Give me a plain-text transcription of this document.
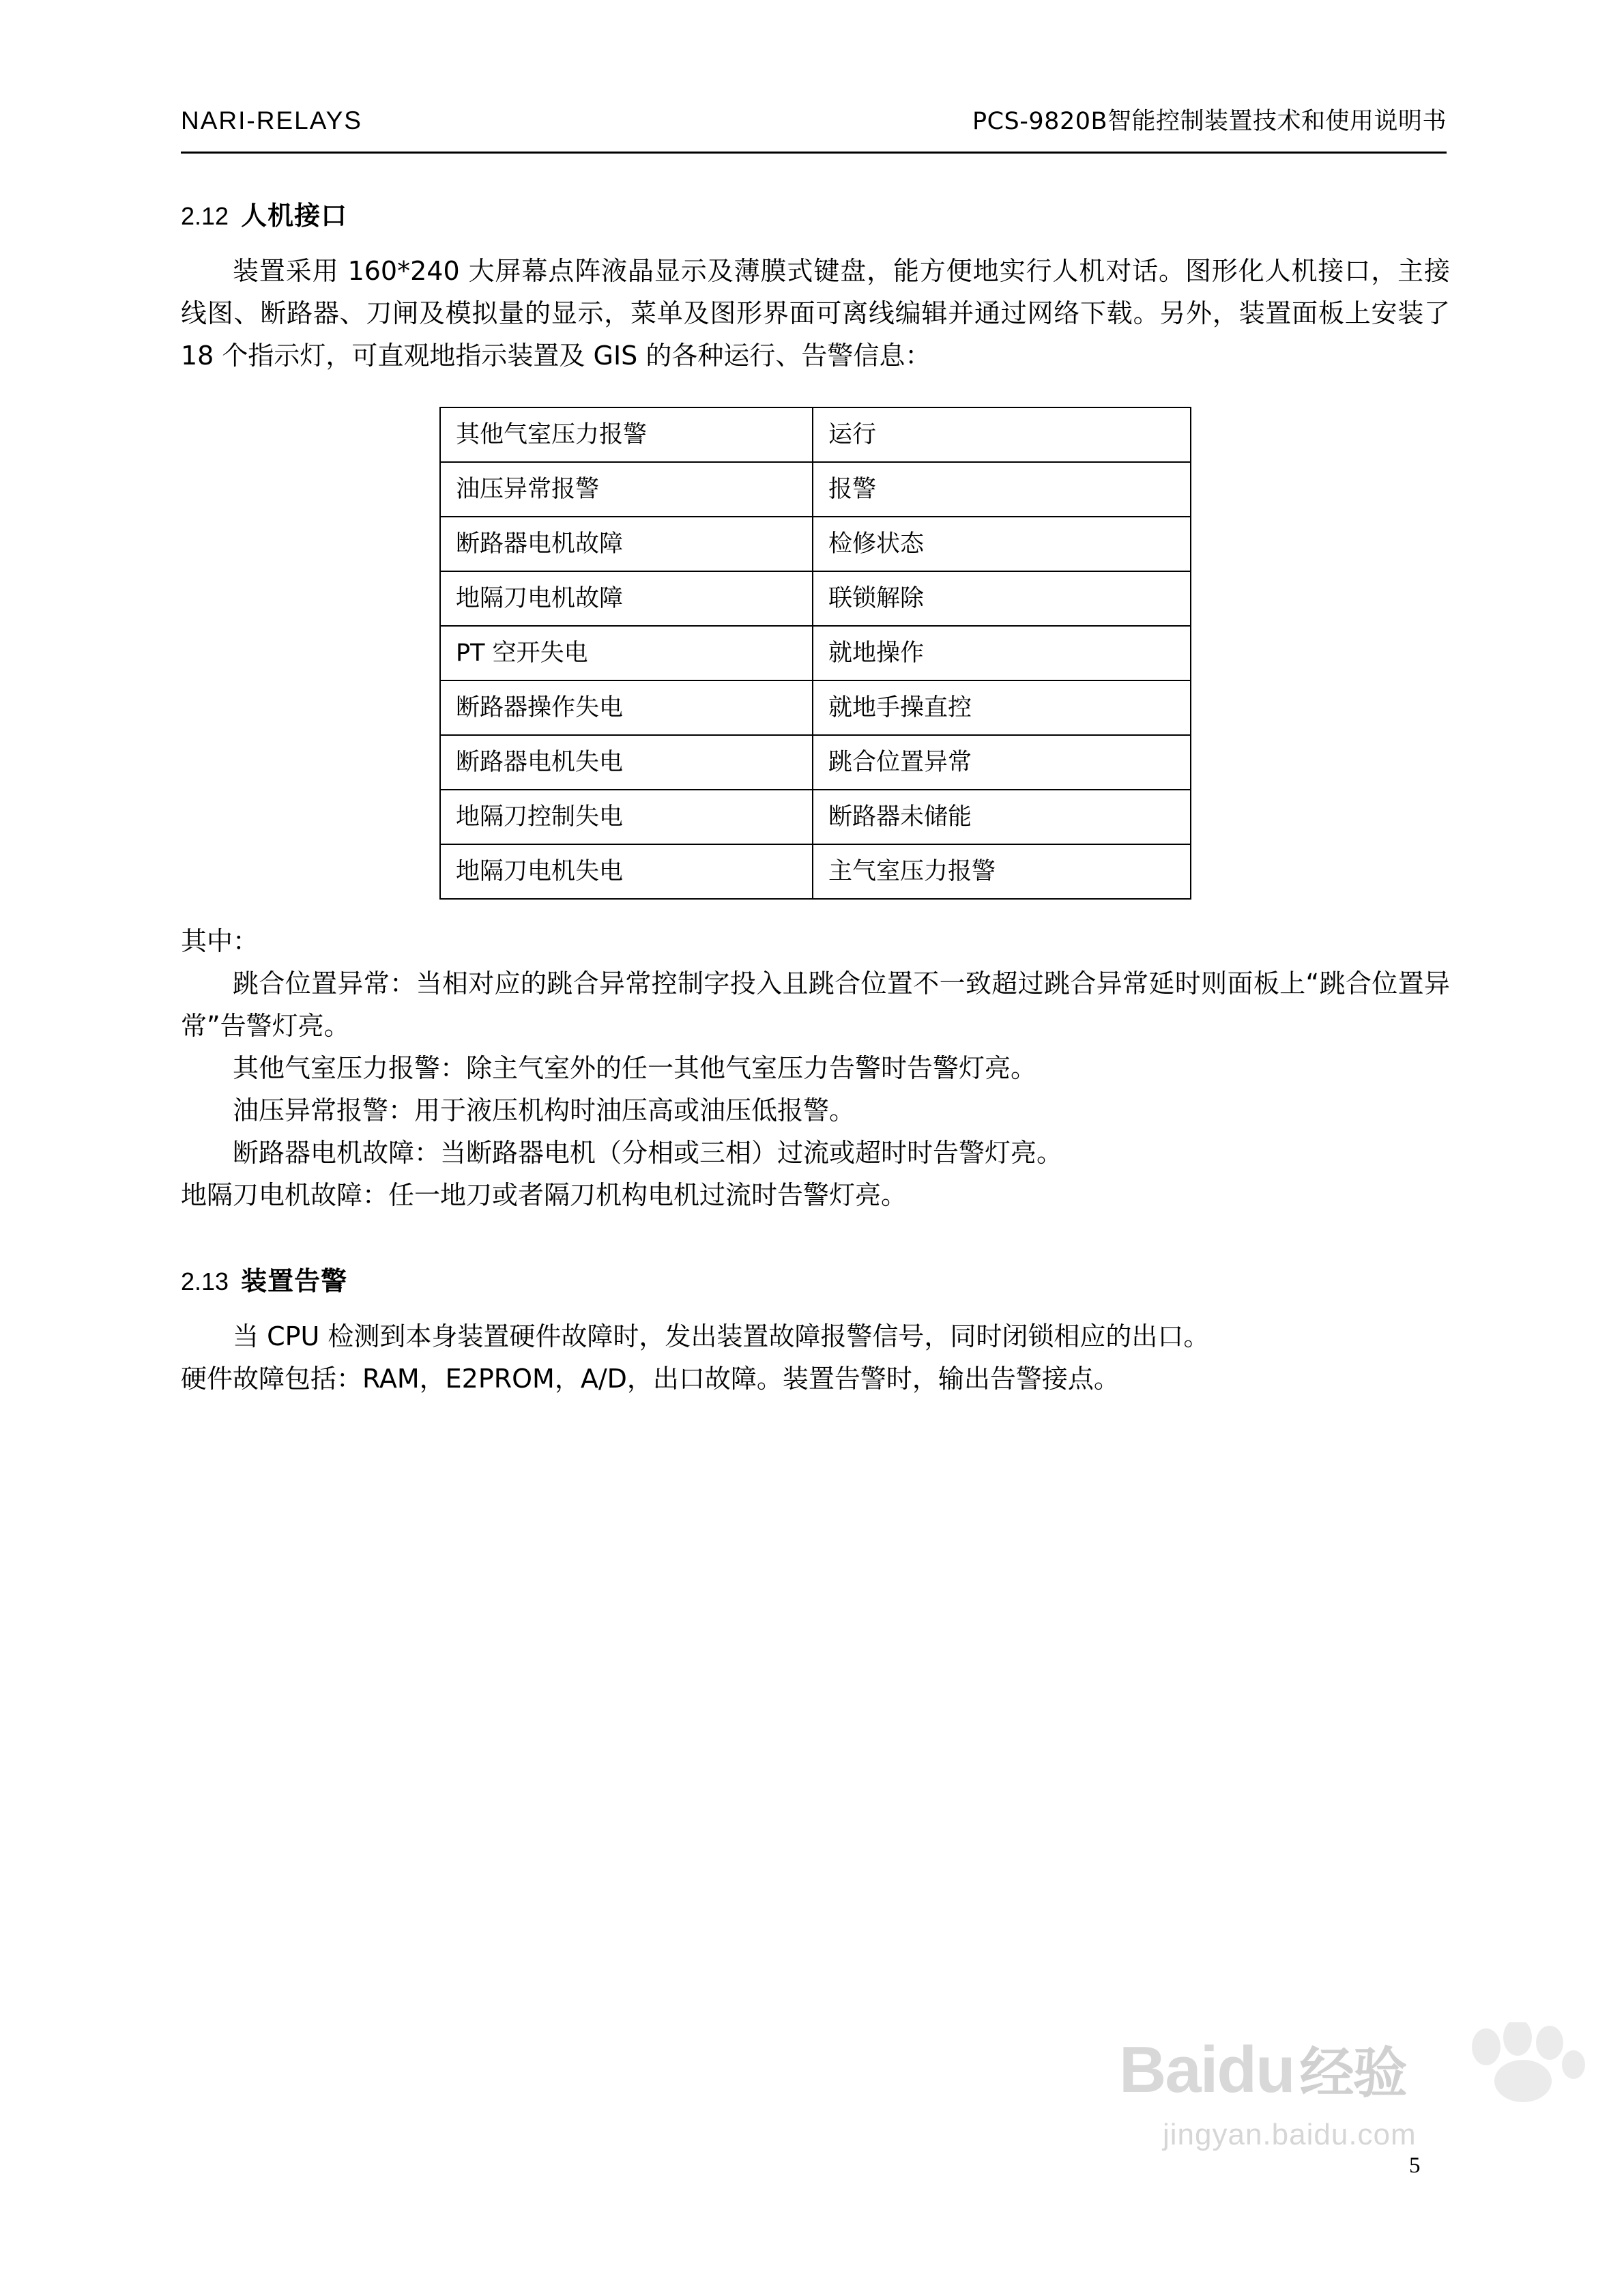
NARI-RELAYS	PCS-9820B智能控制装置技术和使用说明书
2.12 人机接口

装置采用 160*240 大屏幕点阵液晶显示及薄膜式键盘，能方便地实行人机对话。图形化人机接口，主接线图、断路器、刀闸及模拟量的显示，菜单及图形界面可离线编辑并通过网络下载。另外，装置面板上安装了 18 个指示灯，可直观地指示装置及 GIS 的各种运行、告警信息：

其他气室压力报警	运行
油压异常报警	报警
断路器电机故障	检修状态
地隔刀电机故障	联锁解除
PT 空开失电	就地操作
断路器操作失电	就地手操直控
断路器电机失电	跳合位置异常
地隔刀控制失电	断路器未储能
地隔刀电机失电	主气室压力报警

其中：

跳合位置异常：当相对应的跳合异常控制字投入且跳合位置不一致超过跳合异常延时则面板上“跳合位置异常”告警灯亮。

其他气室压力报警：除主气室外的任一其他气室压力告警时告警灯亮。

油压异常报警：用于液压机构时油压高或油压低报警。

断路器电机故障：当断路器电机（分相或三相）过流或超时时告警灯亮。

地隔刀电机故障：任一地刀或者隔刀机构电机过流时告警灯亮。

2.13 装置告警

当 CPU 检测到本身装置硬件故障时，发出装置故障报警信号，同时闭锁相应的出口。

硬件故障包括：RAM，E2PROM，A/D，出口故障。装置告警时，输出告警接点。

5
Baidu 经验
jingyan.baidu.com
